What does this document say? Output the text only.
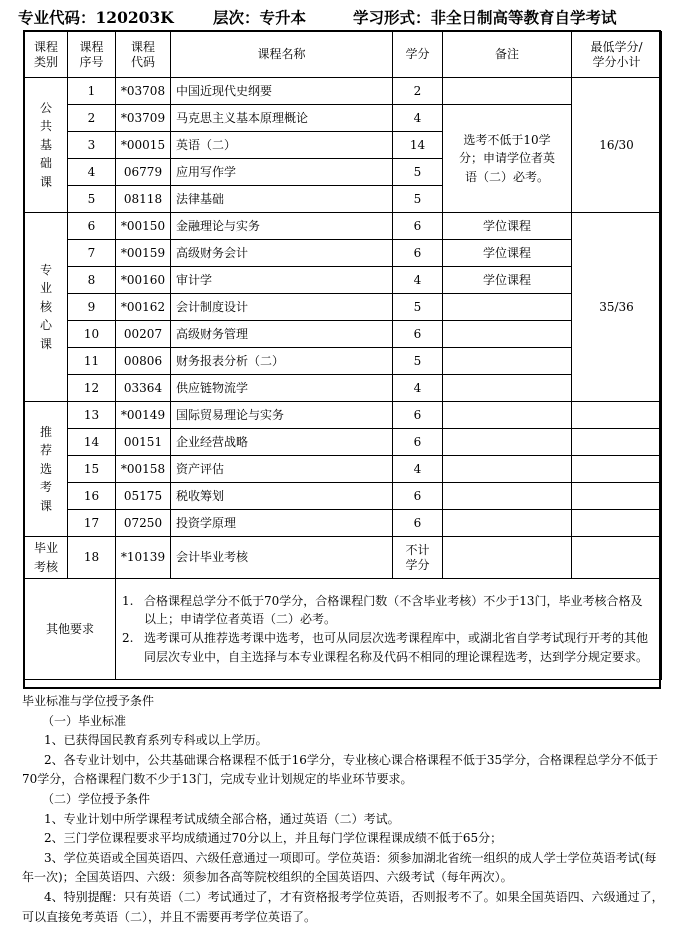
专业代码：120203K	层次：专升本	学习形式：非全日制高等教育自学考试
课程类别	课程序号	课程代码	课程名称	学分	备注	最低学分/学分小计

公共基础课	1	*03708	中国近现代史纲要	2		16/30
	2	*03709	马克思主义基本原理概论	4	选考不低于10学分；申请学位者英语（二）必考。	

	3	*00015	英语（二）	14		

	4	06779	应用写作学	5		

	5	08118	法律基础	5		

专业核心课	6	*00150	金融理论与实务	6	学位课程	35/36
	7	*00159	高级财务会计	6	学位课程	
	8	*00160	审计学	4	学位课程	
	9	*00162	会计制度设计	5		

	10	00207	高级财务管理	6		

	11	00806	财务报表分析（二）	5		

	12	03364	供应链物流学	4		

推荐选考课	13	*00149	国际贸易理论与实务	6		

	14	00151	企业经营战略	6		

	15	*00158	资产评估	4		

	16	05175	税收筹划	6		

	17	07250	投资学原理	6		

毕业考核	18	*10139	会计毕业考核	不计学分		

其他要求		1. 合格课程总学分不低于70学分，合格课程门数（不含毕业考核）不少于13门，毕业考核合格及以上；申请学位者英语（二）必考。
2. 选考课可从推荐选考课中选考，也可从同层次选考课程库中，或湖北省自学考试现行开考的其他同层次专业中，自主选择与本专业课程名称及代码不相同的理论课程选考，达到学分规定要求。				

毕业标准与学位授予条件

（一）毕业标准

1、已获得国民教育系列专科或以上学历。

2、各专业计划中，公共基础课合格课程不低于16学分，专业核心课合格课程不低于35学分，合格课程总学分不低于70学分，合格课程门数不少于13门，完成专业计划规定的毕业环节要求。

（二）学位授予条件

1、专业计划中所学课程考试成绩全部合格，通过英语（二）考试。

2、三门学位课程要求平均成绩通过70分以上，并且每门学位课程课成绩不低于65分；

3、学位英语或全国英语四、六级任意通过一项即可。学位英语：须参加湖北省统一组织的成人学士学位英语考试(每年一次)；全国英语四、六级：须参加各高等院校组织的全国英语四、六级考试（每年两次）。

4、特别提醒：只有英语（二）考试通过了，才有资格报考学位英语，否则报考不了。如果全国英语四、六级通过了，可以直接免考英语（二），并且不需要再考学位英语了。
